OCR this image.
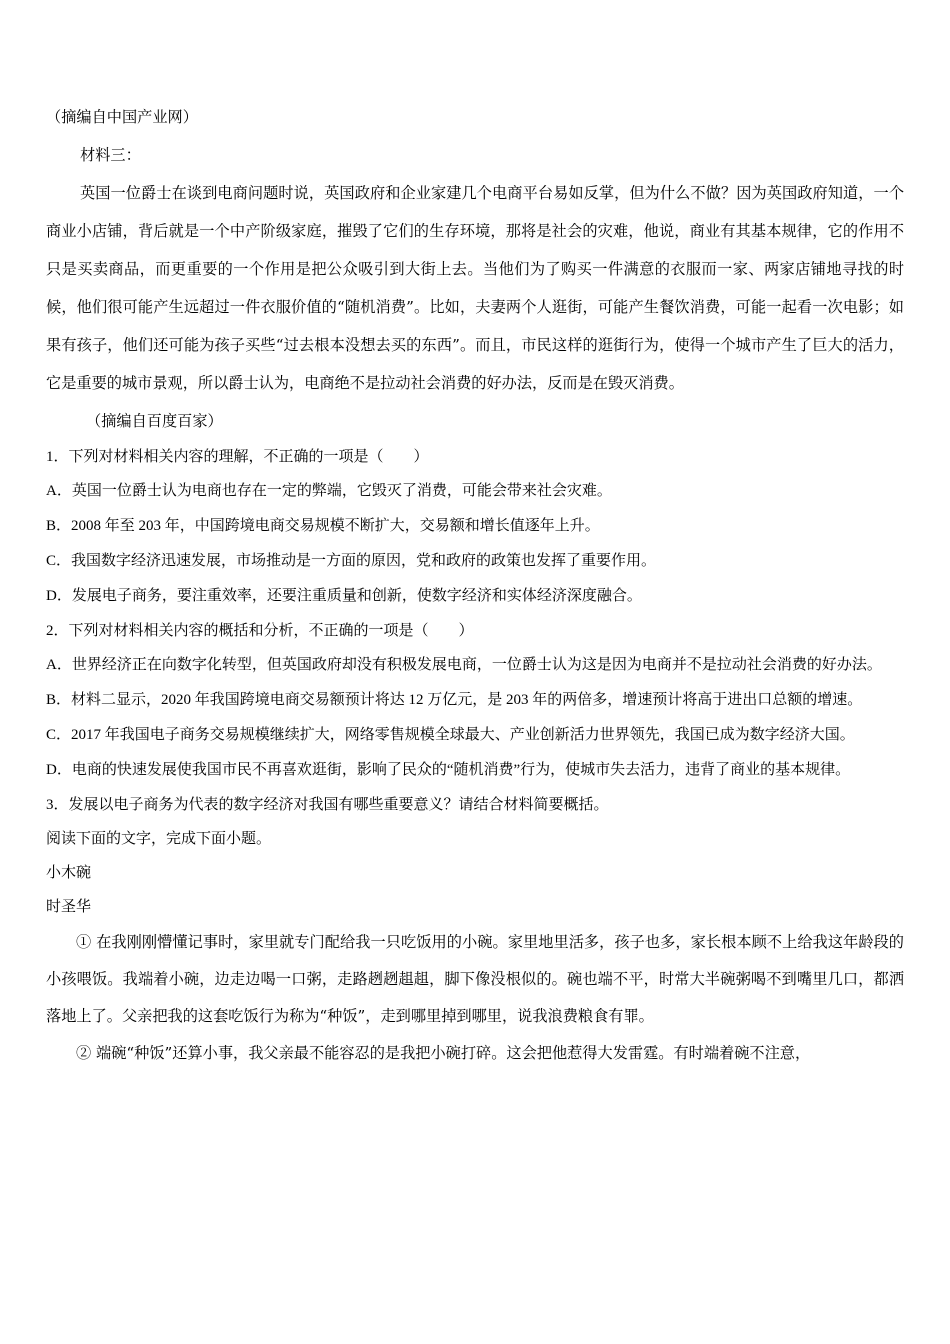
（摘编自中国产业网）

材料三：

英国一位爵士在谈到电商问题时说，英国政府和企业家建几个电商平台易如反掌，但为什么不做？因为英国政府知道，一个商业小店铺，背后就是一个中产阶级家庭，摧毁了它们的生存环境，那将是社会的灾难，他说，商业有其基本规律，它的作用不只是买卖商品，而更重要的一个作用是把公众吸引到大街上去。当他们为了购买一件满意的衣服而一家、两家店铺地寻找的时候，他们很可能产生远超过一件衣服价值的“随机消费”。比如，夫妻两个人逛街，可能产生餐饮消费，可能一起看一次电影；如果有孩子，他们还可能为孩子买些“过去根本没想去买的东西”。而且，市民这样的逛街行为，使得一个城市产生了巨大的活力，它是重要的城市景观，所以爵士认为，电商绝不是拉动社会消费的好办法，反而是在毁灭消费。

（摘编自百度百家）

1．下列对材料相关内容的理解，不正确的一项是（　　）

A．英国一位爵士认为电商也存在一定的弊端，它毁灭了消费，可能会带来社会灾难。

B．2008 年至 203 年，中国跨境电商交易规模不断扩大，交易额和增长值逐年上升。

C．我国数字经济迅速发展，市场推动是一方面的原因，党和政府的政策也发挥了重要作用。

D．发展电子商务，要注重效率，还要注重质量和创新，使数字经济和实体经济深度融合。

2．下列对材料相关内容的概括和分析，不正确的一项是（　　）

A．世界经济正在向数字化转型，但英国政府却没有积极发展电商，一位爵士认为这是因为电商并不是拉动社会消费的好办法。

B．材料二显示，2020 年我国跨境电商交易额预计将达 12 万亿元，是 203 年的两倍多，增速预计将高于进出口总额的增速。

C．2017 年我国电子商务交易规模继续扩大，网络零售规模全球最大、产业创新活力世界领先，我国已成为数字经济大国。

D．电商的快速发展使我国市民不再喜欢逛街，影响了民众的“随机消费”行为，使城市失去活力，违背了商业的基本规律。

3．发展以电子商务为代表的数字经济对我国有哪些重要意义？请结合材料简要概括。

阅读下面的文字，完成下面小题。

小木碗

时圣华

① 在我刚刚懵懂记事时，家里就专门配给我一只吃饭用的小碗。家里地里活多，孩子也多，家长根本顾不上给我这年龄段的小孩喂饭。我端着小碗，边走边喝一口粥，走路趔趔趄趄，脚下像没根似的。碗也端不平，时常大半碗粥喝不到嘴里几口，都洒落地上了。父亲把我的这套吃饭行为称为“种饭”，走到哪里掉到哪里，说我浪费粮食有罪。

② 端碗“种饭”还算小事，我父亲最不能容忍的是我把小碗打碎。这会把他惹得大发雷霆。有时端着碗不注意，
